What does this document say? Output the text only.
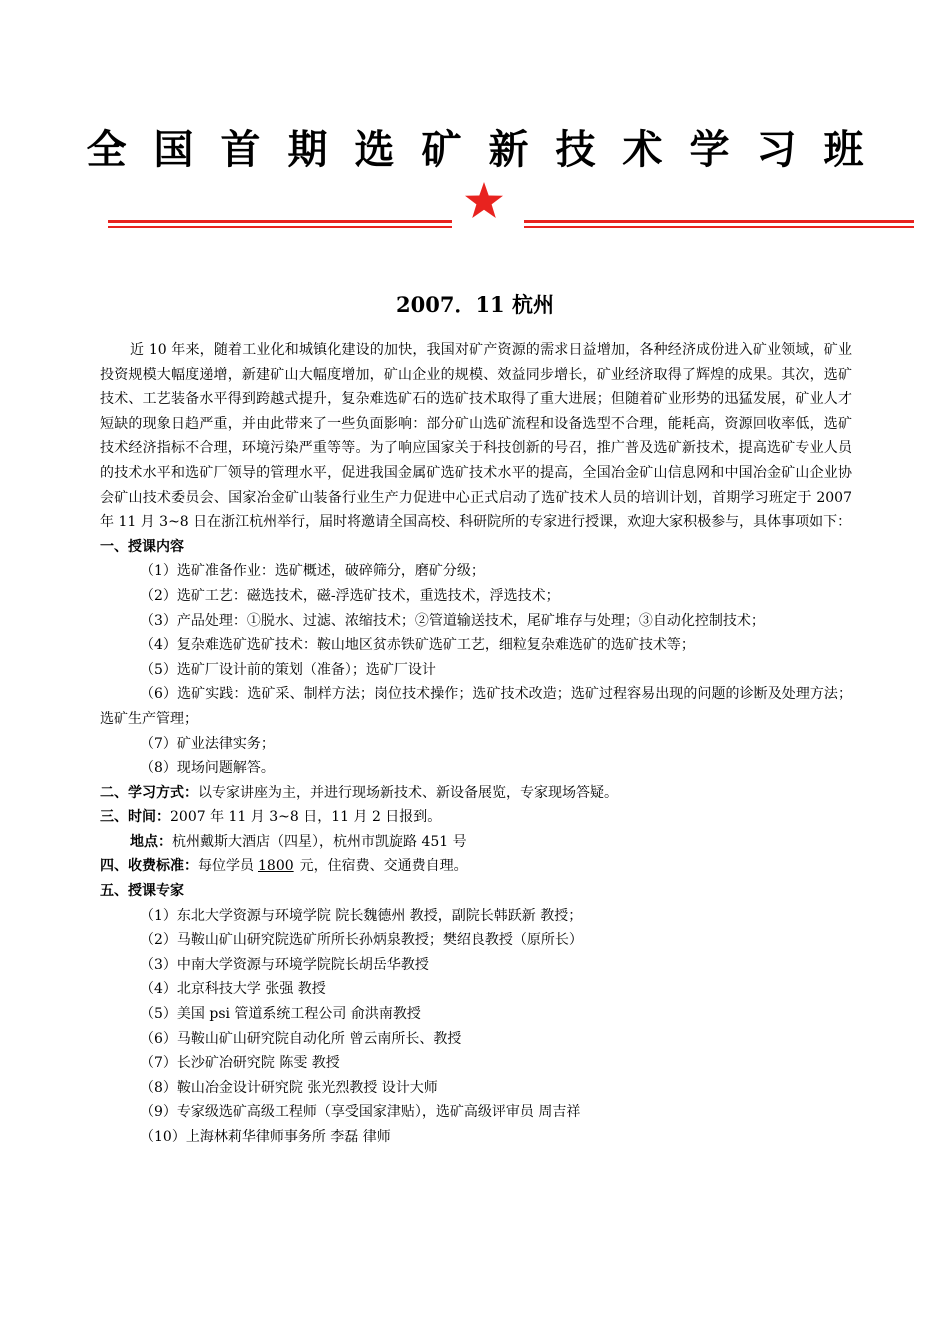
全国首期选矿新技术学习班
2007．11 杭州

近 10 年来，随着工业化和城镇化建设的加快，我国对矿产资源的需求日益增加，各种经济成份进入矿业领域，矿业投资规模大幅度递增，新建矿山大幅度增加，矿山企业的规模、效益同步增长，矿业经济取得了辉煌的成果。其次，选矿技术、工艺装备水平得到跨越式提升，复杂难选矿石的选矿技术取得了重大进展；但随着矿业形势的迅猛发展，矿业人才短缺的现象日趋严重，并由此带来了一些负面影响：部分矿山选矿流程和设备选型不合理，能耗高，资源回收率低，选矿技术经济指标不合理，环境污染严重等等。为了响应国家关于科技创新的号召，推广普及选矿新技术，提高选矿专业人员的技术水平和选矿厂领导的管理水平，促进我国金属矿选矿技术水平的提高，全国冶金矿山信息网和中国冶金矿山企业协会矿山技术委员会、国家冶金矿山装备行业生产力促进中心正式启动了选矿技术人员的培训计划，首期学习班定于 2007 年 11 月 3~8 日在浙江杭州举行，届时将邀请全国高校、科研院所的专家进行授课，欢迎大家积极参与，具体事项如下：

一、授课内容

（1）选矿准备作业：选矿概述，破碎筛分，磨矿分级；

（2）选矿工艺：磁选技术，磁-浮选矿技术，重选技术，浮选技术；

（3）产品处理：①脱水、过滤、浓缩技术；②管道输送技术，尾矿堆存与处理；③自动化控制技术；

（4）复杂难选矿选矿技术：鞍山地区贫赤铁矿选矿工艺，细粒复杂难选矿的选矿技术等；

（5）选矿厂设计前的策划（准备）；选矿厂设计

（6）选矿实践：选矿采、制样方法；岗位技术操作；选矿技术改造；选矿过程容易出现的问题的诊断及处理方法；选矿生产管理；

（7）矿业法律实务；

（8）现场问题解答。

二、学习方式：以专家讲座为主，并进行现场新技术、新设备展览，专家现场答疑。

三、时间：2007 年 11 月 3~8 日，11 月 2 日报到。

地点：杭州戴斯大酒店（四星），杭州市凯旋路 451 号

四、收费标准：每位学员 1800 元，住宿费、交通费自理。

五、授课专家

（1）东北大学资源与环境学院 院长魏德州 教授，副院长韩跃新 教授；

（2）马鞍山矿山研究院选矿所所长孙炳泉教授；樊绍良教授（原所长）

（3）中南大学资源与环境学院院长胡岳华教授

（4）北京科技大学 张强 教授

（5）美国 psi 管道系统工程公司 俞洪南教授

（6）马鞍山矿山研究院自动化所 曾云南所长、教授

（7）长沙矿冶研究院 陈雯 教授

（8）鞍山冶金设计研究院 张光烈教授 设计大师

（9）专家级选矿高级工程师（享受国家津贴），选矿高级评审员 周吉祥

（10）上海林莉华律师事务所 李磊 律师
